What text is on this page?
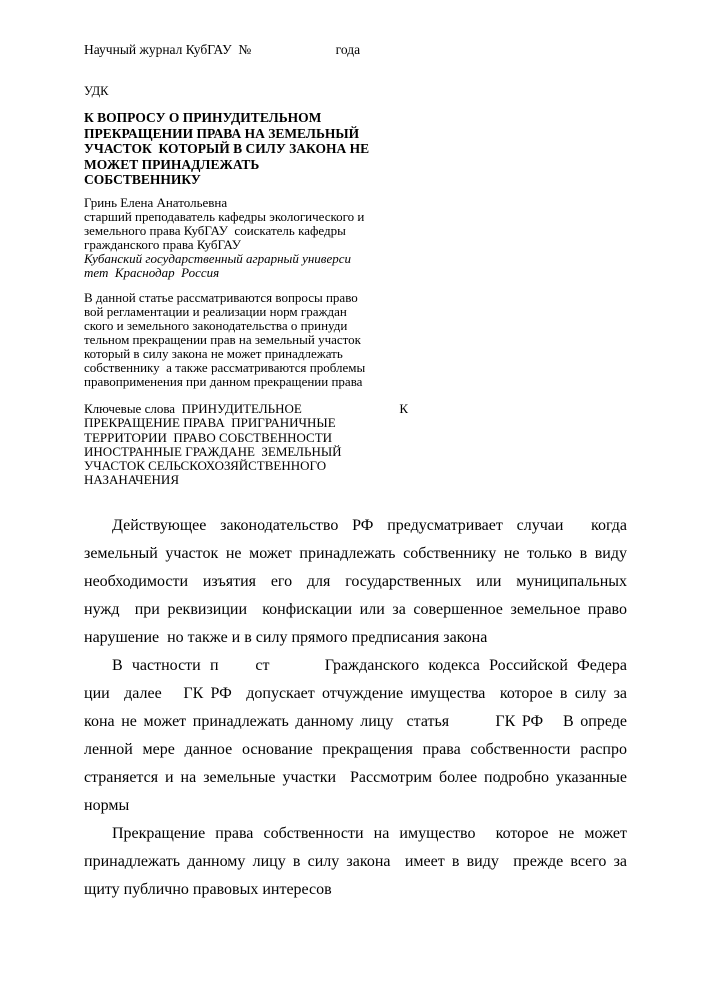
Научный журнал КубГАУ  №                         года
УДК
К ВОПРОСУ О ПРИНУДИТЕЛЬНОМ
ПРЕКРАЩЕНИИ ПРАВА НА ЗЕМЕЛЬНЫЙ
УЧАСТОК  КОТОРЫЙ В СИЛУ ЗАКОНА НЕ
МОЖЕТ ПРИНАДЛЕЖАТЬ
СОБСТВЕННИКУ
Гринь Елена Анатольевна
старший преподаватель кафедры экологического и
земельного права КубГАУ  соискатель кафедры
гражданского права КубГАУ
Кубанский государственный аграрный универси
тет  Краснодар  Россия
В данной статье рассматриваются вопросы право
вой регламентации и реализации норм граждан
ского и земельного законодательства о принуди
тельном прекращении прав на земельный участок
который в силу закона не может принадлежать
собственнику  а также рассматриваются проблемы
правоприменения при данном прекращении права
Ключевые слова  ПРИНУДИТЕЛЬНОЕ                              К
ПРЕКРАЩЕНИЕ ПРАВА  ПРИГРАНИЧНЫЕ
ТЕРРИТОРИИ  ПРАВО СОБСТВЕННОСТИ
ИНОСТРАННЫЕ ГРАЖДАНЕ  ЗЕМЕЛЬНЫЙ
УЧАСТОК СЕЛЬСКОХОЗЯЙСТВЕННОГО
НАЗАНАЧЕНИЯ
Действующее законодательство РФ предусматривает случаи  когда
земельный участок не может принадлежать собственнику не только в виду
необходимости изъятия его для государственных или муниципальных
нужд  при реквизиции  конфискации или за совершенное земельное право
нарушение  но также и в силу прямого предписания закона
В частности п    ст      Гражданского кодекса Российской Федера
ции  далее   ГК РФ  допускает отчуждение имущества  которое в силу за
кона не может принадлежать данному лицу  статья       ГК РФ   В опреде
ленной мере данное основание прекращения права собственности распро
страняется и на земельные участки  Рассмотрим более подробно указанные
нормы
Прекращение права собственности на имущество  которое не может
принадлежать данному лицу в силу закона  имеет в виду  прежде всего за
щиту публично правовых интересов
